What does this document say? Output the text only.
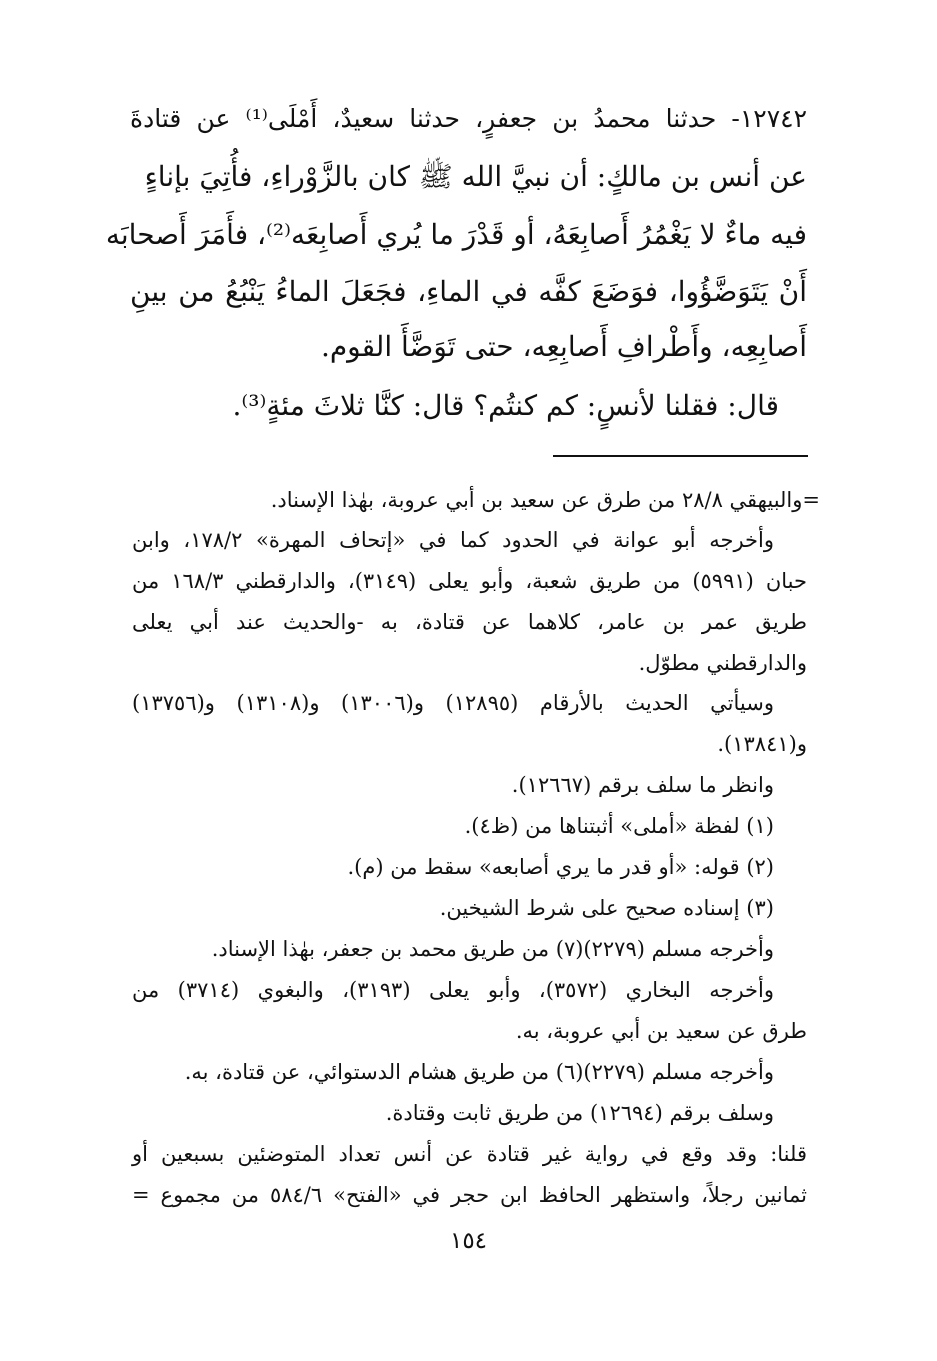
١٢٧٤٢- حدثنا محمدُ بن جعفرٍ، حدثنا سعيدٌ، أَمْلَى⁽¹⁾ عن قتادةَ
عن أنس بن مالكٍ: أن نبيَّ الله ﷺ كان بالزَّوْراءِ، فأُتِيَ بإناءٍ
فيه ماءٌ لا يَغْمُرُ أَصابِعَهُ، أو قَدْرَ ما يُري أَصابِعَه⁽²⁾، فأَمَرَ أَصحابَه
أَنْ يَتَوَضَّؤُوا، فوَضَعَ كفَّه في الماءِ، فجَعَلَ الماءُ يَنْبُعُ من بينِ
أَصابِعِه، وأَطْرافِ أَصابِعِه، حتى تَوَضَّأَ القوم.
قال: فقلنا لأنسٍ: كم كنتُم؟ قال: كنَّا ثلاثَ مئةٍ⁽³⁾.
=والبيهقي ٢٨/٨ من طرق عن سعيد بن أبي عروبة، بهٰذا الإسناد.
وأخرجه أبو عوانة في الحدود كما في «إتحاف المهرة» ١٧٨/٢، وابن
حبان (٥٩٩١) من طريق شعبة، وأبو يعلى (٣١٤٩)، والدارقطني ١٦٨/٣ من
طريق عمر بن عامر، كلاهما عن قتادة، به -والحديث عند أبي يعلى
والدارقطني مطوّل.
وسيأتي الحديث بالأرقام (١٢٨٩٥) و(١٣٠٠٦) و(١٣١٠٨) و(١٣٧٥٦)
و(١٣٨٤١).
وانظر ما سلف برقم (١٢٦٦٧).
(١) لفظة «أملى» أثبتناها من (ظ٤).
(٢) قوله: «أو قدر ما يري أصابعه» سقط من (م).
(٣) إسناده صحيح على شرط الشيخين.
وأخرجه مسلم (٢٢٧٩)(٧) من طريق محمد بن جعفر، بهٰذا الإسناد.
وأخرجه البخاري (٣٥٧٢)، وأبو يعلى (٣١٩٣)، والبغوي (٣٧١٤) من
طرق عن سعيد بن أبي عروبة، به.
وأخرجه مسلم (٢٢٧٩)(٦) من طريق هشام الدستوائي، عن قتادة، به.
وسلف برقم (١٢٦٩٤) من طريق ثابت وقتادة.
قلنا: وقد وقع في رواية غير قتادة عن أنس تعداد المتوضئين بسبعين أو
ثمانين رجلاً، واستظهر الحافظ ابن حجر في «الفتح» ٥٨٤/٦ من مجموع =
١٥٤
